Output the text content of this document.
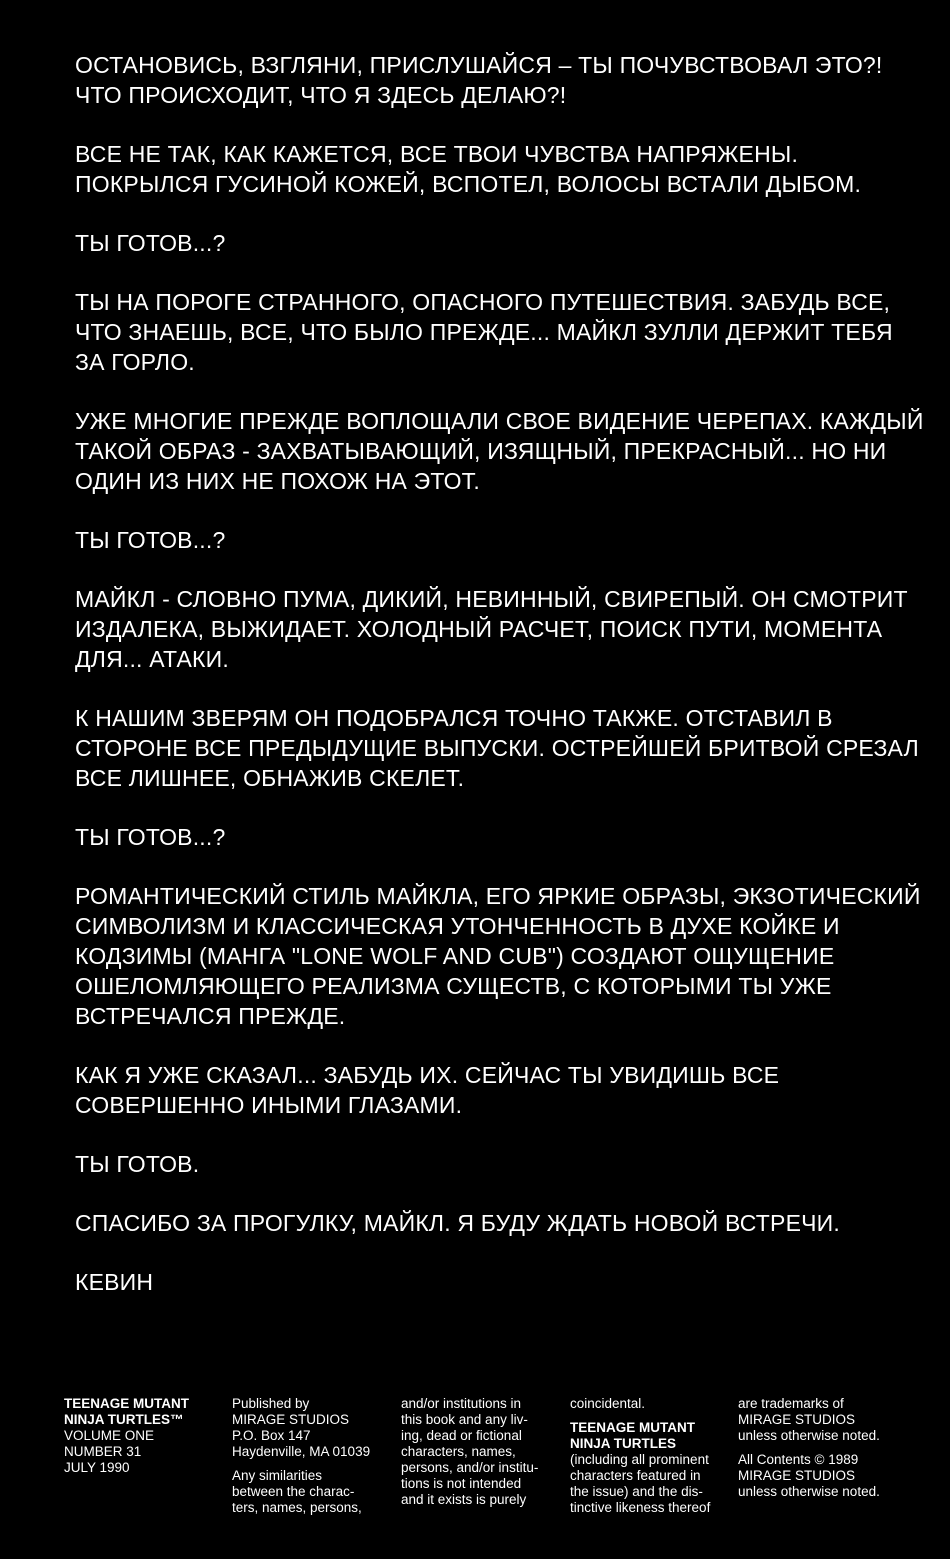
ОСТАНОВИСЬ, ВЗГЛЯНИ, ПРИСЛУШАЙСЯ – ТЫ ПОЧУВСТВОВАЛ ЭТО?!
ЧТО ПРОИСХОДИТ, ЧТО Я ЗДЕСЬ ДЕЛАЮ?!
ВСЕ НЕ ТАК, КАК КАЖЕТСЯ, ВСЕ ТВОИ ЧУВСТВА НАПРЯЖЕНЫ.
ПОКРЫЛСЯ ГУСИНОЙ КОЖЕЙ, ВСПОТЕЛ, ВОЛОСЫ ВСТАЛИ ДЫБОМ.
ТЫ ГОТОВ...?
ТЫ НА ПОРОГЕ СТРАННОГО, ОПАСНОГО ПУТЕШЕСТВИЯ. ЗАБУДЬ ВСЕ,
ЧТО ЗНАЕШЬ, ВСЕ, ЧТО БЫЛО ПРЕЖДЕ... МАЙКЛ ЗУЛЛИ ДЕРЖИТ ТЕБЯ
ЗА ГОРЛО.
УЖЕ МНОГИЕ ПРЕЖДЕ ВОПЛОЩАЛИ СВОЕ ВИДЕНИЕ ЧЕРЕПАХ. КАЖДЫЙ
ТАКОЙ ОБРАЗ - ЗАХВАТЫВАЮЩИЙ, ИЗЯЩНЫЙ, ПРЕКРАСНЫЙ... НО НИ
ОДИН ИЗ НИХ НЕ ПОХОЖ НА ЭТОТ.
ТЫ ГОТОВ...?
МАЙКЛ - СЛОВНО ПУМА, ДИКИЙ, НЕВИННЫЙ, СВИРЕПЫЙ. ОН СМОТРИТ
ИЗДАЛЕКА, ВЫЖИДАЕТ. ХОЛОДНЫЙ РАСЧЕТ, ПОИСК ПУТИ, МОМЕНТА
ДЛЯ... АТАКИ.
К НАШИМ ЗВЕРЯМ ОН ПОДОБРАЛСЯ ТОЧНО ТАКЖЕ. ОТСТАВИЛ В
СТОРОНЕ ВСЕ ПРЕДЫДУЩИЕ ВЫПУСКИ. ОСТРЕЙШЕЙ БРИТВОЙ СРЕЗАЛ
ВСЕ ЛИШНЕЕ, ОБНАЖИВ СКЕЛЕТ.
ТЫ ГОТОВ...?
РОМАНТИЧЕСКИЙ СТИЛЬ МАЙКЛА, ЕГО ЯРКИЕ ОБРАЗЫ, ЭКЗОТИЧЕСКИЙ
СИМВОЛИЗМ И КЛАССИЧЕСКАЯ УТОНЧЕННОСТЬ В ДУХЕ КОЙКЕ И
КОДЗИМЫ (МАНГА "LONE WOLF AND CUB") СОЗДАЮТ ОЩУЩЕНИЕ
ОШЕЛОМЛЯЮЩЕГО РЕАЛИЗМА СУЩЕСТВ, С КОТОРЫМИ ТЫ УЖЕ
ВСТРЕЧАЛСЯ ПРЕЖДЕ.
КАК Я УЖЕ СКАЗАЛ... ЗАБУДЬ ИХ. СЕЙЧАС ТЫ УВИДИШЬ ВСЕ
СОВЕРШЕННО ИНЫМИ ГЛАЗАМИ.
ТЫ ГОТОВ.
СПАСИБО ЗА ПРОГУЛКУ, МАЙКЛ. Я БУДУ ЖДАТЬ НОВОЙ ВСТРЕЧИ.
КЕВИН
TEENAGE MUTANT
NINJA TURTLES™
VOLUME ONE
NUMBER 31
JULY 1990
Published by
MIRAGE STUDIOS
P.O. Box 147
Haydenville, MA 01039
Any similarities
between the charac-
ters, names, persons,
and/or institutions in
this book and any liv-
ing, dead or fictional
characters, names,
persons, and/or institu-
tions is not intended
and it exists is purely
coincidental.
TEENAGE MUTANT
NINJA TURTLES
(including all prominent
characters featured in
the issue) and the dis-
tinctive likeness thereof
are trademarks of
MIRAGE STUDIOS
unless otherwise noted.
All Contents © 1989
MIRAGE STUDIOS
unless otherwise noted.
